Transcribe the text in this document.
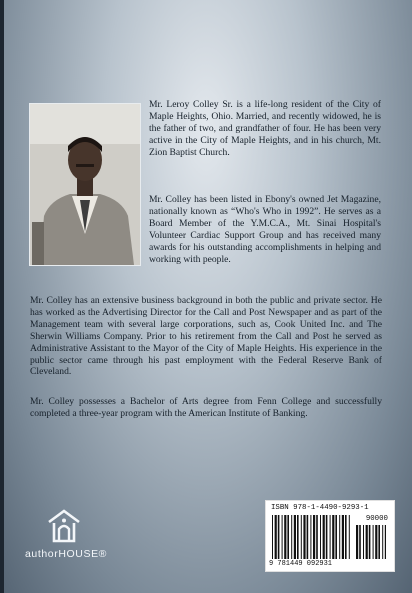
Mr. Leroy Colley Sr. is a life-long resident of the City of Maple Heights, Ohio. Married, and recently widowed, he is the father of two, and grandfather of four. He has been very active in the City of Maple Heights, and in his church, Mt. Zion Baptist Church.

Mr. Colley has been listed in Ebony's owned Jet Magazine, nationally known as “Who's Who in 1992”. He serves as a Board Member of the Y.M.C.A., Mt. Sinai Hospital's Volunteer Cardiac Support Group and has received many awards for his outstanding accomplishments in helping and working with people.

Mr. Colley has an extensive business background in both the public and private sector. He has worked as the Advertising Director for the Call and Post Newspaper and as part of the Management team with several large corporations, such as, Cook United Inc. and The Sherwin Williams Company. Prior to his retirement from the Call and Post he served as Administrative Assistant to the Mayor of the City of Maple Heights. His experience in the public sector came through his past employment with the Federal Reserve Bank of Cleveland.

Mr. Colley possesses a Bachelor of Arts degree from Fenn College and successfully completed a three-year program with the American Institute of Banking.

authorHOUSE®
ISBN 978-1-4490-9293-1
90000
9 781449 092931
